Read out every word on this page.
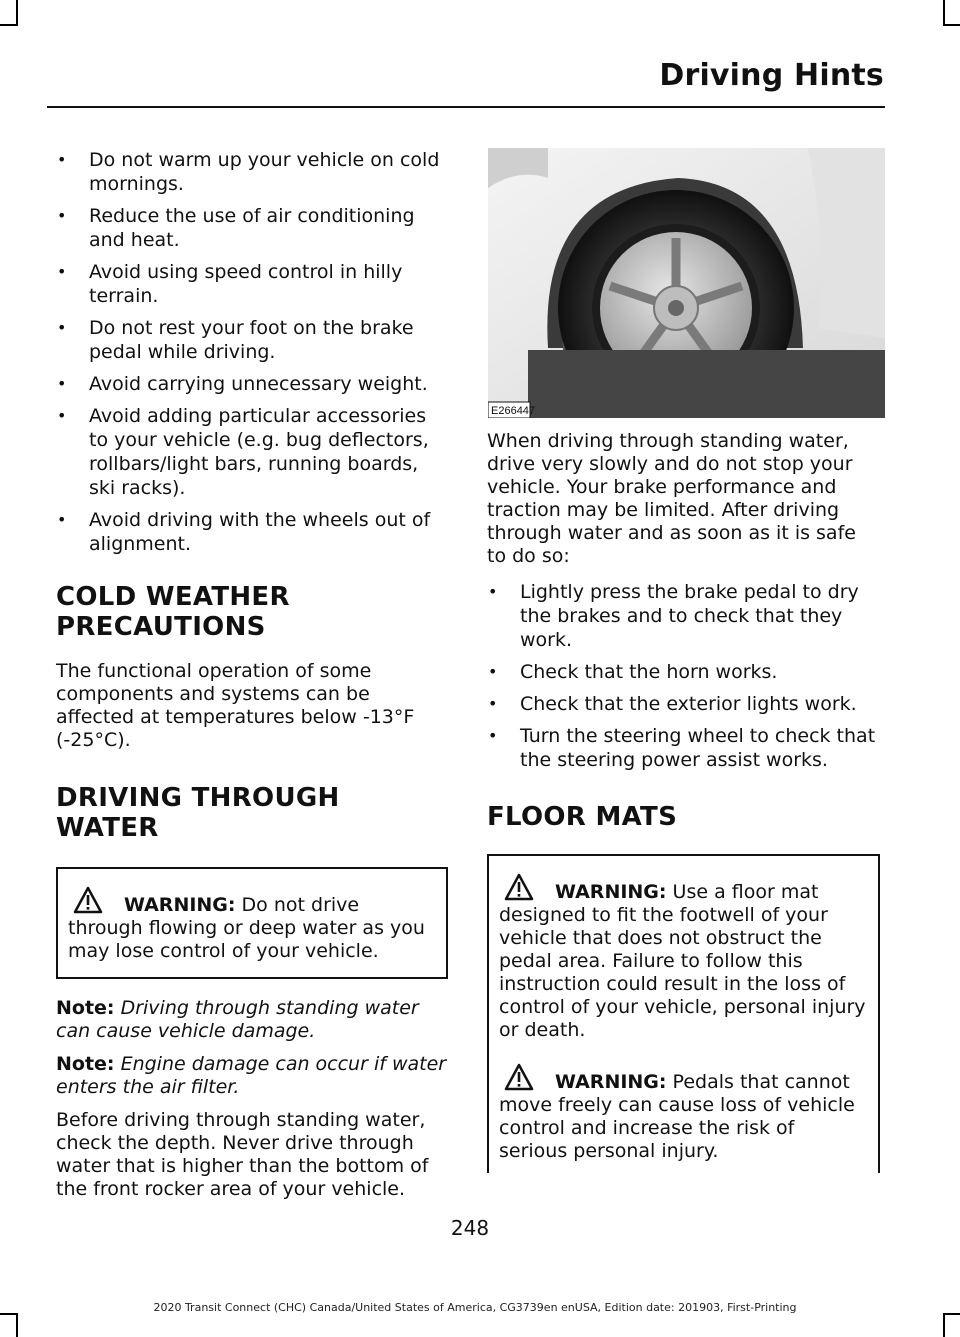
Driving Hints
• Do not warm up your vehicle on cold mornings.
• Reduce the use of air conditioning and heat.
• Avoid using speed control in hilly terrain.
• Do not rest your foot on the brake pedal while driving.
• Avoid carrying unnecessary weight.
• Avoid adding particular accessories to your vehicle (e.g. bug deflectors, rollbars/light bars, running boards, ski racks).
• Avoid driving with the wheels out of alignment.
COLD WEATHER
PRECAUTIONS

The functional operation of some components and systems can be affected at temperatures below -13°F (-25°C).

DRIVING THROUGH WATER
WARNING: Do not drive through flowing or deep water as you may lose control of your vehicle.

Note: Driving through standing water can cause vehicle damage.

Note: Engine damage can occur if water enters the air filter.

Before driving through standing water, check the depth. Never drive through water that is higher than the bottom of the front rocker area of your vehicle.

E266447

When driving through standing water, drive very slowly and do not stop your vehicle. Your brake performance and traction may be limited. After driving through water and as soon as it is safe to do so:

• Lightly press the brake pedal to dry the brakes and to check that they work.
• Check that the horn works.
• Check that the exterior lights work.
• Turn the steering wheel to check that the steering power assist works.
FLOOR MATS
WARNING: Use a floor mat designed to fit the footwell of your vehicle that does not obstruct the pedal area. Failure to follow this instruction could result in the loss of control of your vehicle, personal injury or death.
WARNING: Pedals that cannot move freely can cause loss of vehicle control and increase the risk of serious personal injury.
248
2020 Transit Connect (CHC) Canada/United States of America, CG3739en enUSA, Edition date: 201903, First-Printing
